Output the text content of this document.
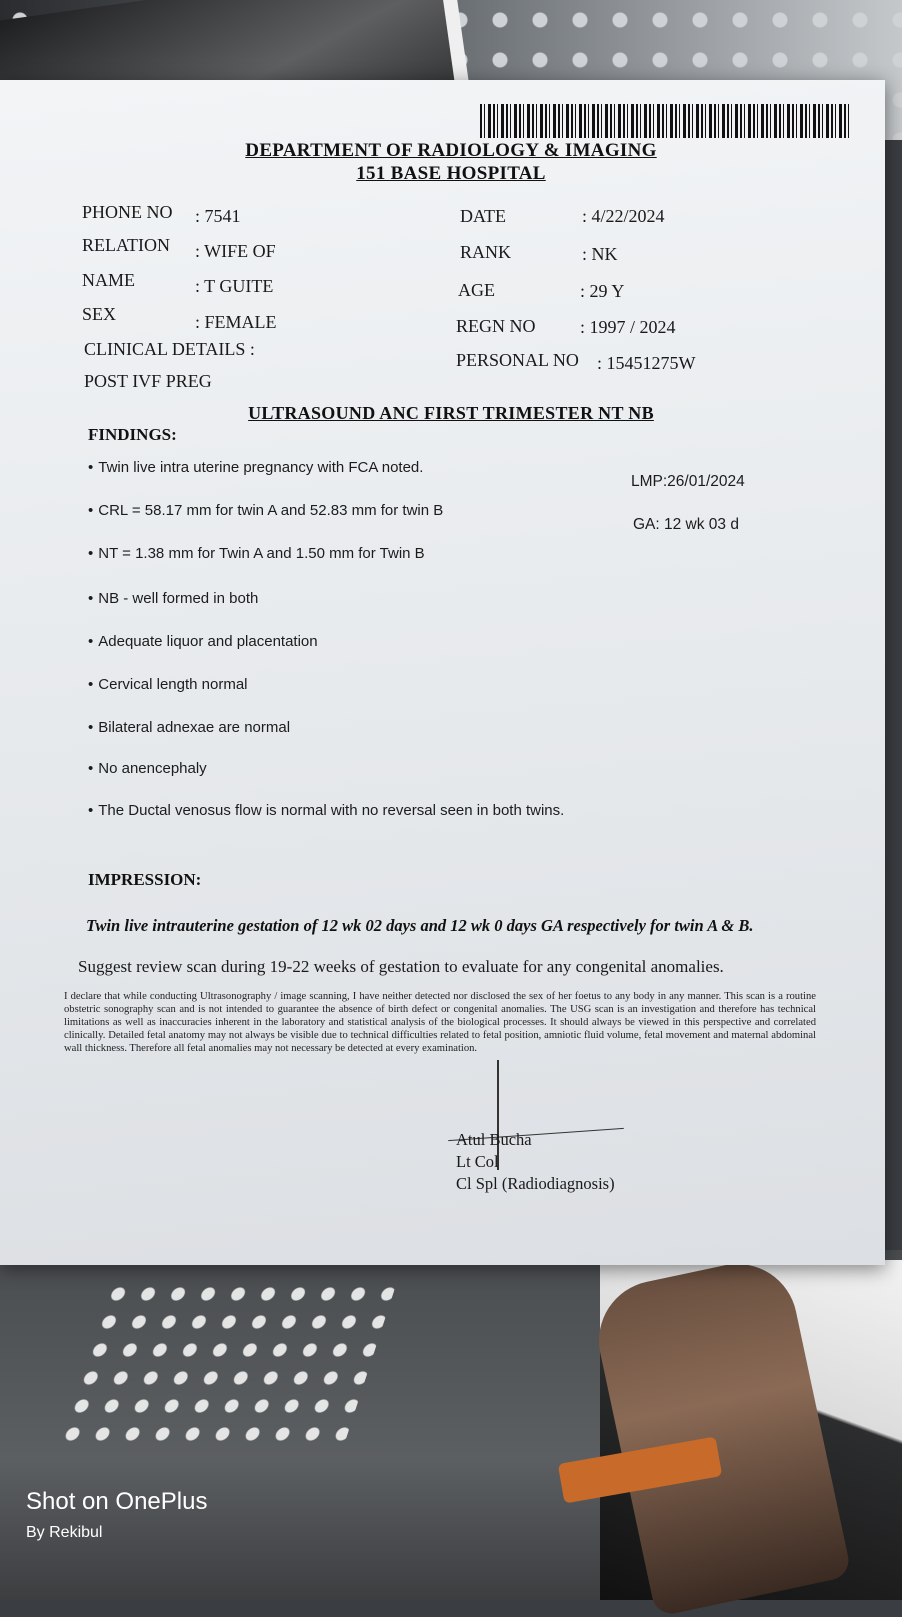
DEPARTMENT OF RADIOLOGY & IMAGING
151 BASE HOSPITAL
PHONE NO : 7541
RELATION : WIFE OF
NAME	: T GUITE
SEX	: FEMALE
CLINICAL DETAILS :
POST IVF PREG
DATE	: 4/22/2024
RANK	: NK
AGE	: 29 Y
REGN NO : 1997 / 2024
PERSONAL NO : 15451275W
ULTRASOUND ANC FIRST TRIMESTER NT NB
FINDINGS:
• Twin live intra uterine pregnancy with FCA noted.
• CRL = 58.17 mm for twin A and 52.83 mm for twin B
• NT = 1.38 mm for Twin A and 1.50 mm for Twin B
• NB - well formed in both
• Adequate liquor and placentation
• Cervical length normal
• Bilateral adnexae are normal
• No anencephaly
• The Ductal venosus flow is normal with no reversal seen in both twins.
LMP:26/01/2024
GA: 12 wk 03 d
IMPRESSION:
Twin live intrauterine gestation of 12 wk 02 days and 12 wk 0 days GA respectively for twin A & B.
Suggest review scan during 19-22 weeks of gestation to evaluate for any congenital anomalies.
I declare that while conducting Ultrasonography / image scanning, I have neither detected nor disclosed the sex of her foetus to any body in any manner. This scan is a routine obstetric sonography scan and is not intended to guarantee the absence of birth defect or congenital anomalies. The USG scan is an investigation and therefore has technical limitations as well as inaccuracies inherent in the laboratory and statistical analysis of the biological processes. It should always be viewed in this perspective and correlated clinically. Detailed fetal anatomy may not always be visible due to technical difficulties related to fetal position, amniotic fluid volume, fetal movement and maternal abdominal wall thickness. Therefore all fetal anomalies may not necessary be detected at every examination.
Atul Bucha
Lt Col
Cl Spl (Radiodiagnosis)
Shot on OnePlus
By Rekibul
